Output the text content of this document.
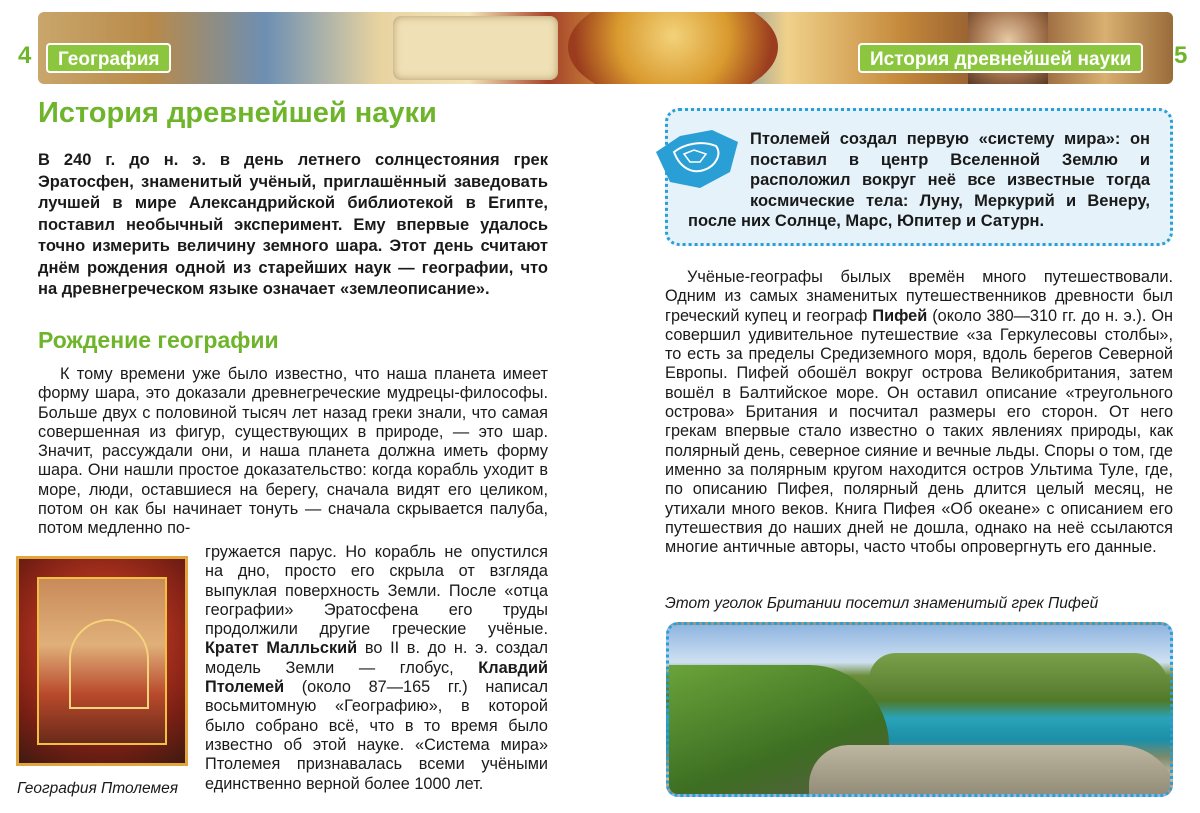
4	5
География	История древнейшей науки
История древнейшей науки

В 240 г. до н. э. в день летнего солнцестояния грек Эратосфен, знаменитый учёный, приглашённый заведовать лучшей в мире Александрийской библиотекой в Египте, поставил необычный эксперимент. Ему впервые удалось точно измерить величину земного шара. Этот день считают днём рождения одной из старейших наук — географии, что на древнегреческом языке означает «землеописание».

Рождение географии

К тому времени уже было известно, что наша планета имеет форму шара, это доказали древнегреческие мудрецы-философы. Больше двух с половиной тысяч лет назад греки знали, что самая совершенная из фигур, существующих в природе, — это шар. Значит, рассуждали они, и наша планета должна иметь форму шара. Они нашли простое доказательство: когда корабль уходит в море, люди, оставшиеся на берегу, сначала видят его целиком, потом он как бы начинает тонуть — сначала скрывается палуба, потом медленно по-

гружается парус. Но корабль не опустился на дно, просто его скрыла от взгляда выпуклая поверхность Земли. После «отца географии» Эратосфена его труды продолжили другие греческие учёные. Кратет Малльский во II в. до н. э. создал модель Земли — глобус, Клавдий Птолемей (около 87—165 гг.) написал восьмитомную «Географию», в которой было собрано всё, что в то время было известно об этой науке. «Система мира» Птолемея признавалась всеми учёными единственно верной более 1000 лет.

География Птолемея

Птолемей создал первую «систему мира»: он поставил в центр Вселенной Землю и расположил вокруг неё все известные тогда космические тела: Луну, Меркурий и Венеру, после них Солнце, Марс, Юпитер и Сатурн.

Учёные-географы былых времён много путешествовали. Одним из самых знаменитых путешественников древности был греческий купец и географ Пифей (около 380—310 гг. до н. э.). Он совершил удивительное путешествие «за Геркулесовы столбы», то есть за пределы Средиземного моря, вдоль берегов Северной Европы. Пифей обошёл вокруг острова Великобритания, затем вошёл в Балтийское море. Он оставил описание «треугольного острова» Британия и посчитал размеры его сторон. От него грекам впервые стало известно о таких явлениях природы, как полярный день, северное сияние и вечные льды. Споры о том, где именно за полярным кругом находится остров Ультима Туле, где, по описанию Пифея, полярный день длится целый месяц, не утихали много веков. Книга Пифея «Об океане» с описанием его путешествия до наших дней не дошла, однако на неё ссылаются многие античные авторы, часто чтобы опровергнуть его данные.

Этот уголок Британии посетил знаменитый грек Пифей
